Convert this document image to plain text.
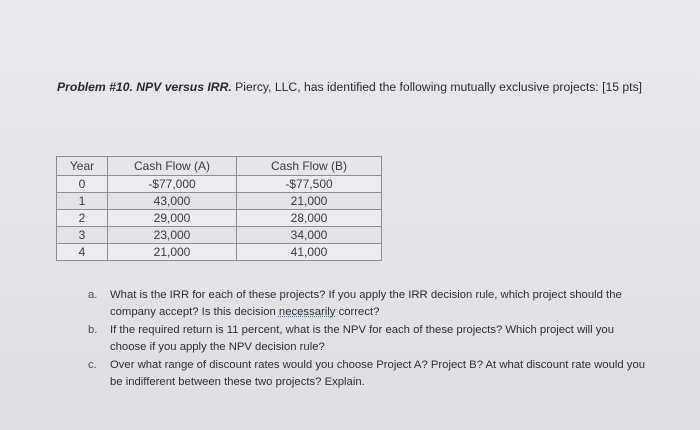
Problem #10. NPV versus IRR. Piercy, LLC, has identified the following mutually exclusive projects: [15 pts]

Year	Cash Flow (A)	Cash Flow (B)
0	-$77,000	-$77,500
1	43,000	21,000
2	29,000	28,000
3	23,000	34,000
4	21,000	41,000
a. What is the IRR for each of these projects? If you apply the IRR decision rule, which project should the company accept? Is this decision necessarily correct?
b. If the required return is 11 percent, what is the NPV for each of these projects? Which project will you choose if you apply the NPV decision rule?
c. Over what range of discount rates would you choose Project A? Project B? At what discount rate would you be indifferent between these two projects? Explain.
